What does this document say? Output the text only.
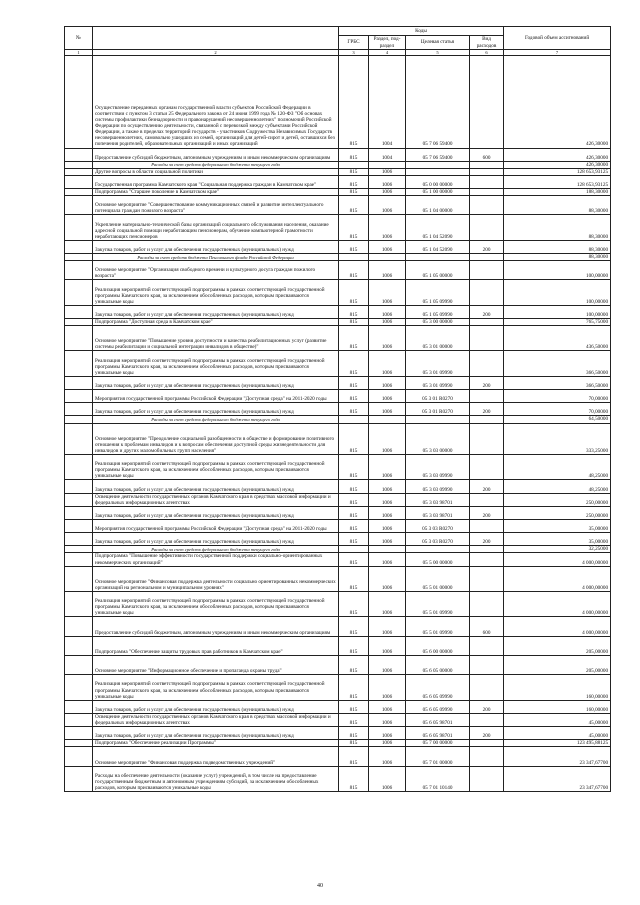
№		Коды				Годовой объем ассигнований
		ГРБС	Раздел, под-раздел	Целевая статья	Вид расходов	
1	2	3	4	5	6	7
	Осуществление переданных органам государственной власти субъектов Российской Федерации в соответствии с пунктом 3 статьи 25 Федерального закона от 24 июня 1999 года № 120-ФЗ "Об основах системы профилактики безнадзорности и правонарушений несовершеннолетних" полномочий Российской Федерации по осуществлению деятельности, связанной с перевозкой между субъектами Российской Федерации, а также в пределах территорий государств - участников Содружества Независимых Государств несовершеннолетних, самовольно ушедших из семей, организаций для детей-сирот и детей, оставшихся без попечения родителей, образовательных организаций и иных организаций	815	1004	05 7 06 59400		426,30000
	Предоставление субсидий бюджетным, автономным учреждениям и иным некоммерческим организациям	815	1004	05 7 06 59400	600	426,30000
	Расходы за счет средств федерального бюджета текущего года					426,30000
	Другие вопросы в области социальной политики	815	1006			128 653,93125
	Государственная программа Камчатского края "Социальная поддержка граждан в Камчатском крае"	815	1006	05 0 00 00000		128 653,93125
	Подпрограмма "Старшее поколение в Камчатском крае"	815	1006	05 1 00 00000		188,30000
	Основное мероприятие "Совершенствование коммуникационных связей и развитие интеллектуального потенциала граждан пожилого возраста"	815	1006	05 1 04 00000		88,30000
	Укрепление материально-технической базы организаций социального обслуживания населения, оказание адресной социальной помощи неработающим пенсионерам, обучение компьютерной грамотности неработающих пенсионеров	815	1006	05 1 04 52090		88,30000
	Закупка товаров, работ и услуг для обеспечения государственных (муниципальных) нужд	815	1006	05 1 04 52090	200	88,30000
	Расходы за счет средств бюджета Пенсионного фонда Российской Федерации					88,30000
	Основное мероприятие "Организация свободного времени и культурного досуга граждан пожилого возраста"	815	1006	05 1 05 00000		100,00000
	Реализация мероприятий соответствующей подпрограммы в рамках соответствующей государственной программы Камчатского края, за исключением обособленных расходов, которым присваиваются уникальные коды	815	1006	05 1 05 09990		100,00000
	Закупка товаров, работ и услуг для обеспечения государственных (муниципальных) нужд	815	1006	05 1 05 09990	200	100,00000
	Подпрограмма "Доступная среда в Камчатском крае"	815	1006	05 3 00 00000		765,75000
	Основное мероприятие "Повышение уровня доступности и качества реабилитационных услуг (развитие системы реабилитации и социальной интеграции инвалидов в обществе)"	815	1006	05 3 01 00000		436,50000
	Реализация мероприятий соответствующей подпрограммы в рамках соответствующей государственной программы Камчатского края, за исключением обособленных расходов, которым присваиваются уникальные коды	815	1006	05 3 01 09990		366,50000
	Закупка товаров, работ и услуг для обеспечения государственных (муниципальных) нужд	815	1006	05 3 01 09990	200	366,50000
	Мероприятия государственной программы Российской Федерации "Доступная среда" на 2011-2020 годы	815	1006	05 3 01 R0270		70,00000
	Закупка товаров, работ и услуг для обеспечения государственных (муниципальных) нужд	815	1006	05 3 01 R0270	200	70,00000
	Расходы за счет средств федерального бюджета текущего года					64,50000
	Основное мероприятие "Преодоление социальной разобщенности в обществе и формирование позитивного отношения к проблемам инвалидов и к вопросам обеспечения доступной среды жизнедеятельности для инвалидов и других маломобильных групп населения"	815	1006	05 3 03 00000		333,25000
	Реализация мероприятий соответствующей подпрограммы в рамках соответствующей государственной программы Камчатского края, за исключением обособленных расходов, которым присваиваются уникальные коды	815	1006	05 3 03 09990		48,25000
	Закупка товаров, работ и услуг для обеспечения государственных (муниципальных) нужд	815	1006	05 3 03 09990	200	48,25000
	Освещение деятельности государственных органов Камчатского края в средствах массовой информации и федеральных информационных агентствах	815	1006	05 3 03 98701		250,00000
	Закупка товаров, работ и услуг для обеспечения государственных (муниципальных) нужд	815	1006	05 3 03 98701	200	250,00000
	Мероприятия государственной программы Российской Федерации "Доступная среда" на 2011-2020 годы	815	1006	05 3 03 R0270		35,00000
	Закупка товаров, работ и услуг для обеспечения государственных (муниципальных) нужд	815	1006	05 3 03 R0270	200	35,00000
	Расходы за счет средств федерального бюджета текущего года					32,25000
	Подпрограмма "Повышение эффективности государственной поддержки социально-ориентированных некоммерческих организаций"	815	1006	05 5 00 00000		4 000,00000
	Основное мероприятие "Финансовая поддержка деятельности социально ориентированных некоммерческих организаций на региональном и муниципальном уровнях"	815	1006	05 5 01 00000		4 000,00000
	Реализация мероприятий соответствующей подпрограммы в рамках соответствующей государственной программы Камчатского края, за исключением обособленных расходов, которым присваиваются уникальные коды	815	1006	05 5 01 09990		4 000,00000
	Предоставление субсидий бюджетным, автономным учреждениям и иным некоммерческим организациям	815	1006	05 5 01 09990	600	4 000,00000
	Подпрограмма "Обеспечение защиты трудовых прав работников в Камчатском крае"	815	1006	05 6 00 00000		205,00000
	Основное мероприятие "Информационное обеспечение и пропаганда охраны труда"	815	1006	05 6 05 00000		205,00000
	Реализация мероприятий соответствующей подпрограммы в рамках соответствующей государственной программы Камчатского края, за исключением обособленных расходов, которым присваиваются уникальные коды	815	1006	05 6 05 09990		160,00000
	Закупка товаров, работ и услуг для обеспечения государственных (муниципальных) нужд	815	1006	05 6 05 09990	200	160,00000
	Освещение деятельности государственных органов Камчатского края в средствах массовой информации и федеральных информационных агентствах	815	1006	05 6 05 98701		45,00000
	Закупка товаров, работ и услуг для обеспечения государственных (муниципальных) нужд	815	1006	05 6 05 98701	200	45,00000
	Подпрограмма "Обеспечение реализации Программы"	815	1006	05 7 00 00000		123 495,88125
	Основное мероприятие "Финансовая поддержка подведомственных учреждений"	815	1006	05 7 01 00000		23 347,67700
	Расходы на обеспечение деятельности (оказание услуг) учреждений, в том числе на предоставление государственным бюджетным и автономным учреждениям субсидий, за исключением обособленных расходов, которым присваиваются уникальные коды	815	1006	05 7 01 10140		23 347,67700
40
